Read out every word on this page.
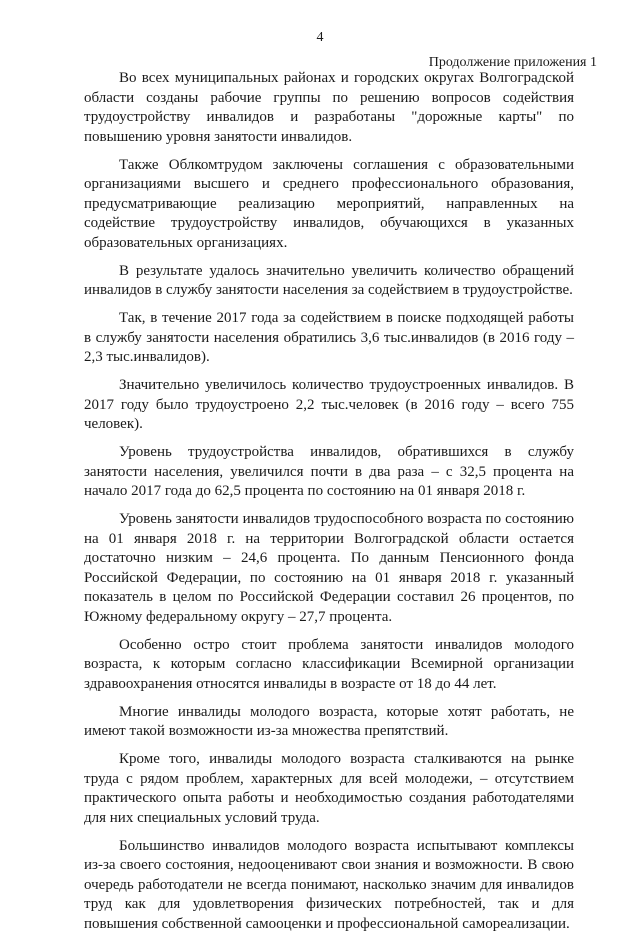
4
Продолжение приложения 1

Во всех муниципальных районах и городских округах Волгоградской области созданы рабочие группы по решению вопросов содействия трудоустройству инвалидов и разработаны "дорожные карты" по повышению уровня занятости инвалидов.

Также Облкомтрудом заключены соглашения с образовательными организациями высшего и среднего профессионального образования, предусматривающие реализацию мероприятий, направленных на содействие трудоустройству инвалидов, обучающихся в указанных образовательных организациях.

В результате удалось значительно увеличить количество обращений инвалидов в службу занятости населения за содействием в трудоустройстве.

Так, в течение 2017 года за содействием в поиске подходящей работы в службу занятости населения обратились 3,6 тыс.инвалидов (в 2016 году – 2,3 тыс.инвалидов).

Значительно увеличилось количество трудоустроенных инвалидов. В 2017 году было трудоустроено 2,2 тыс.человек (в 2016 году – всего 755 человек).

Уровень трудоустройства инвалидов, обратившихся в службу занятости населения, увеличился почти в два раза – с 32,5 процента на начало 2017 года до 62,5 процента по состоянию на 01 января 2018 г.

Уровень занятости инвалидов трудоспособного возраста по состоянию на 01 января 2018 г. на территории Волгоградской области остается достаточно низким – 24,6 процента. По данным Пенсионного фонда Российской Федерации, по состоянию на 01 января 2018 г. указанный показатель в целом по Российской Федерации составил 26 процентов, по Южному федеральному округу – 27,7 процента.

Особенно остро стоит проблема занятости инвалидов молодого возраста, к которым согласно классификации Всемирной организации здравоохранения относятся инвалиды в возрасте от 18 до 44 лет.

Многие инвалиды молодого возраста, которые хотят работать, не имеют такой возможности из-за множества препятствий.

Кроме того, инвалиды молодого возраста сталкиваются на рынке труда с рядом проблем, характерных для всей молодежи, – отсутствием практического опыта работы и необходимостью создания работодателями для них специальных условий труда.

Большинство инвалидов молодого возраста испытывают комплексы из-за своего состояния, недооценивают свои знания и возможности. В свою очередь работодатели не всегда понимают, насколько значим для инвалидов труд как для удовлетворения физических потребностей, так и для повышения собственной самооценки и профессиональной самореализации.
